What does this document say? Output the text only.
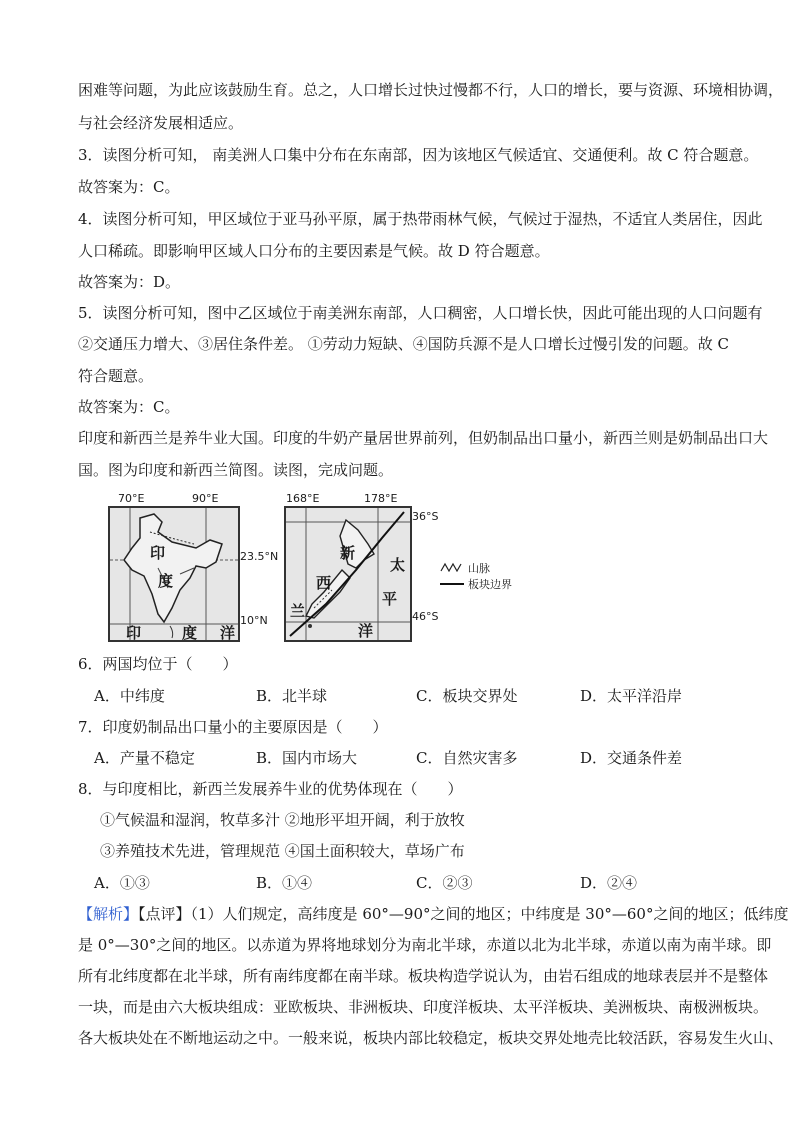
困难等问题，为此应该鼓励生育。总之，人口增长过快过慢都不行，人口的增长，要与资源、环境相协调，
与社会经济发展相适应。
3．读图分析可知， 南美洲人口集中分布在东南部，因为该地区气候适宜、交通便利。故 C 符合题意。
故答案为：C。
4．读图分析可知，甲区域位于亚马孙平原，属于热带雨林气候，气候过于湿热，不适宜人类居住，因此
人口稀疏。即影响甲区域人口分布的主要因素是气候。故 D 符合题意。
故答案为：D。
5．读图分析可知，图中乙区域位于南美洲东南部，人口稠密，人口增长快，因此可能出现的人口问题有
②交通压力增大、③居住条件差。 ①劳动力短缺、④国防兵源不是人口增长过慢引发的问题。故 C
符合题意。
故答案为：C。
印度和新西兰是养牛业大国。印度的牛奶产量居世界前列，但奶制品出口量小，新西兰则是奶制品出口大
国。图为印度和新西兰简图。读图，完成问题。
70°E	90°E
印
度
印	度 洋
23.5°N
10°N
168°E	178°E
新
西
兰
太
平
洋
36°S
46°S
山脉
板块边界
6．两国均位于（　　）
A．中纬度	B．北半球	C．板块交界处	D．太平洋沿岸
7．印度奶制品出口量小的主要原因是（　　）
A．产量不稳定	B．国内市场大	C．自然灾害多	D．交通条件差
8．与印度相比，新西兰发展养牛业的优势体现在（　　）
①气候温和湿润，牧草多汁 ②地形平坦开阔，利于放牧
③养殖技术先进，管理规范 ④国土面积较大，草场广布
A．①③	B．①④	C．②③	D．②④
【解析】【点评】（1）人们规定，高纬度是 60°—90°之间的地区；中纬度是 30°—60°之间的地区；低纬度
是 0°—30°之间的地区。以赤道为界将地球划分为南北半球，赤道以北为北半球，赤道以南为南半球。即
所有北纬度都在北半球，所有南纬度都在南半球。板块构造学说认为，由岩石组成的地球表层并不是整体
一块，而是由六大板块组成：亚欧板块、非洲板块、印度洋板块、太平洋板块、美洲板块、南极洲板块。
各大板块处在不断地运动之中。一般来说，板块内部比较稳定，板块交界处地壳比较活跃，容易发生火山、
